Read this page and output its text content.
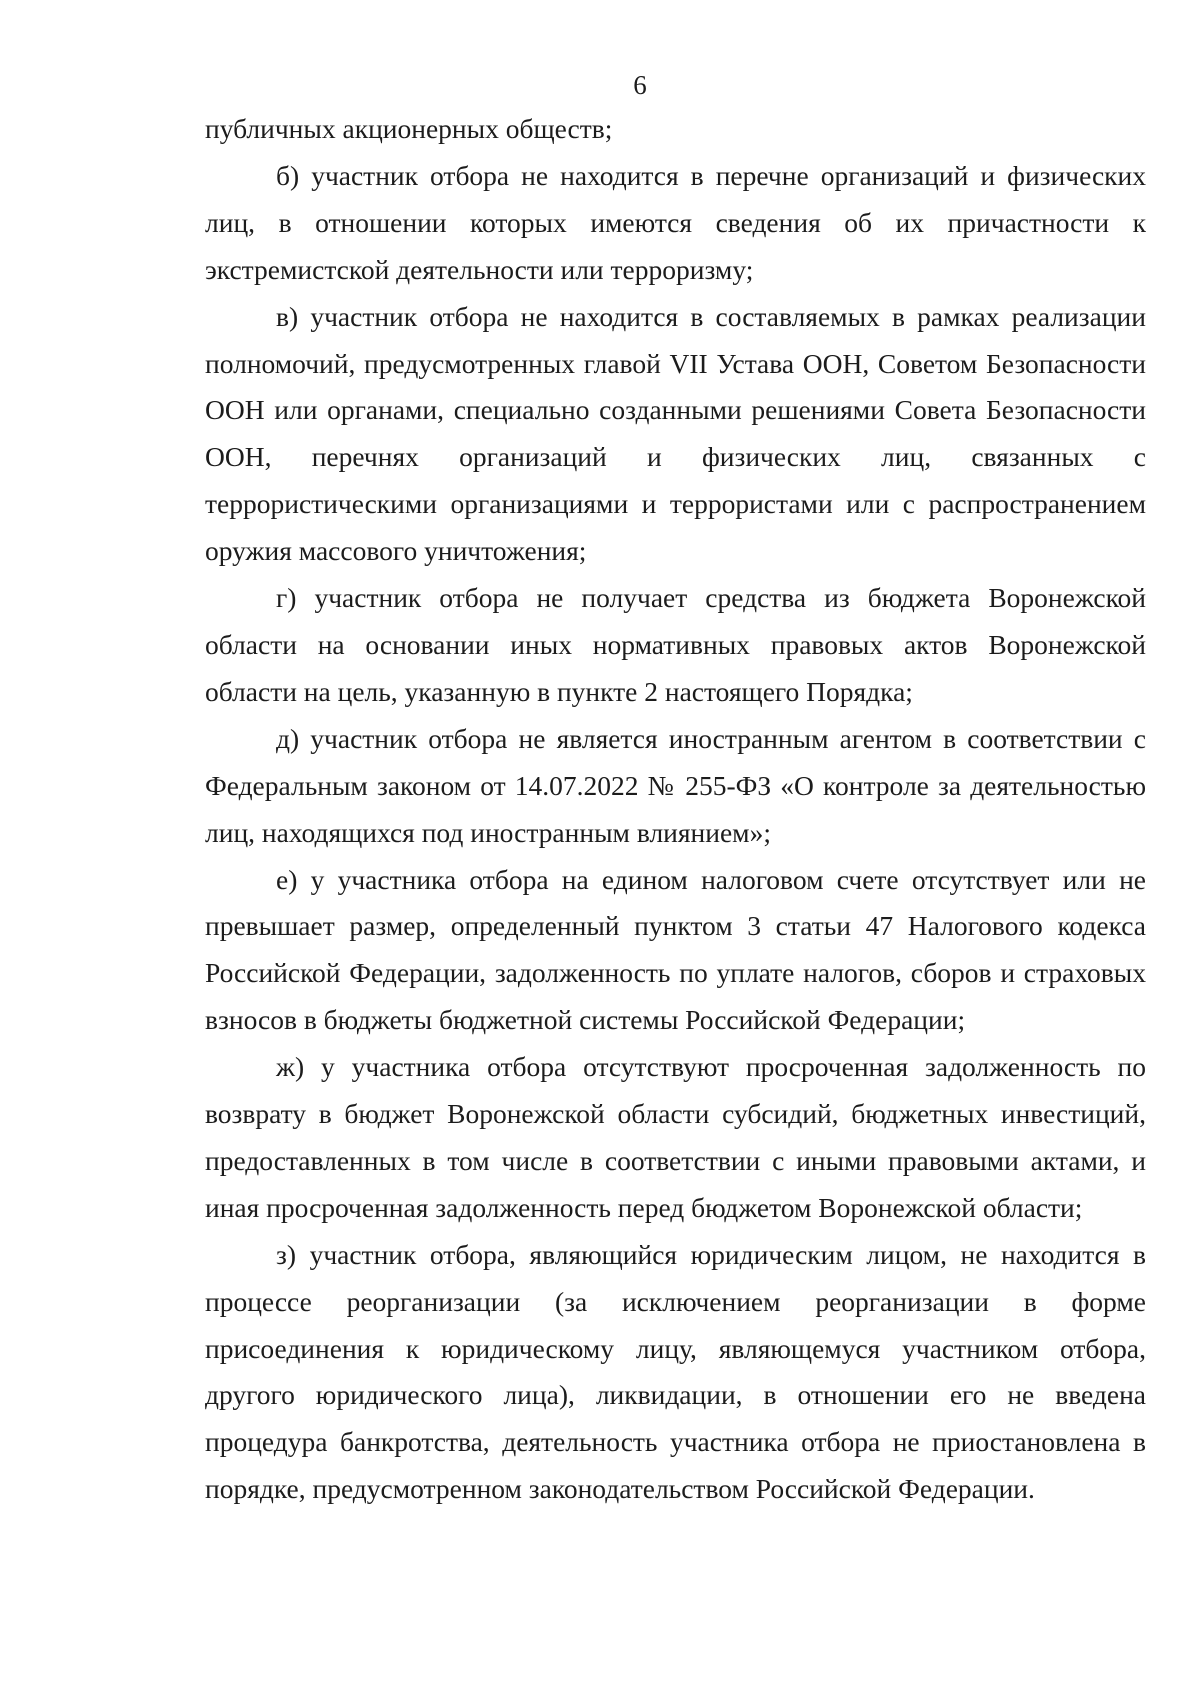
6

публичных акционерных обществ;

б) участник отбора не находится в перечне организаций и физических лиц, в отношении которых имеются сведения об их причастности к экстремистской деятельности или терроризму;

в) участник отбора не находится в составляемых в рамках реализации полномочий, предусмотренных главой VII Устава ООН, Советом Безопасности ООН или органами, специально созданными решениями Совета Безопасности ООН, перечнях организаций и физических лиц, связанных с террористическими организациями и террористами или с распространением оружия массового уничтожения;

г) участник отбора не получает средства из бюджета Воронежской области на основании иных нормативных правовых актов Воронежской области на цель, указанную в пункте 2 настоящего Порядка;

д) участник отбора не является иностранным агентом в соответствии с Федеральным законом от 14.07.2022 № 255-ФЗ «О контроле за деятельностью лиц, находящихся под иностранным влиянием»;

е) у участника отбора на едином налоговом счете отсутствует или не превышает размер, определенный пунктом 3 статьи 47 Налогового кодекса Российской Федерации, задолженность по уплате налогов, сборов и страховых взносов в бюджеты бюджетной системы Российской Федерации;

ж) у участника отбора отсутствуют просроченная задолженность по возврату в бюджет Воронежской области субсидий, бюджетных инвестиций, предоставленных в том числе в соответствии с иными правовыми актами, и иная просроченная задолженность перед бюджетом Воронежской области;

з) участник отбора, являющийся юридическим лицом, не находится в процессе реорганизации (за исключением реорганизации в форме присоединения к юридическому лицу, являющемуся участником отбора, другого юридического лица), ликвидации, в отношении его не введена процедура банкротства, деятельность участника отбора не приостановлена в порядке, предусмотренном законодательством Российской Федерации.
